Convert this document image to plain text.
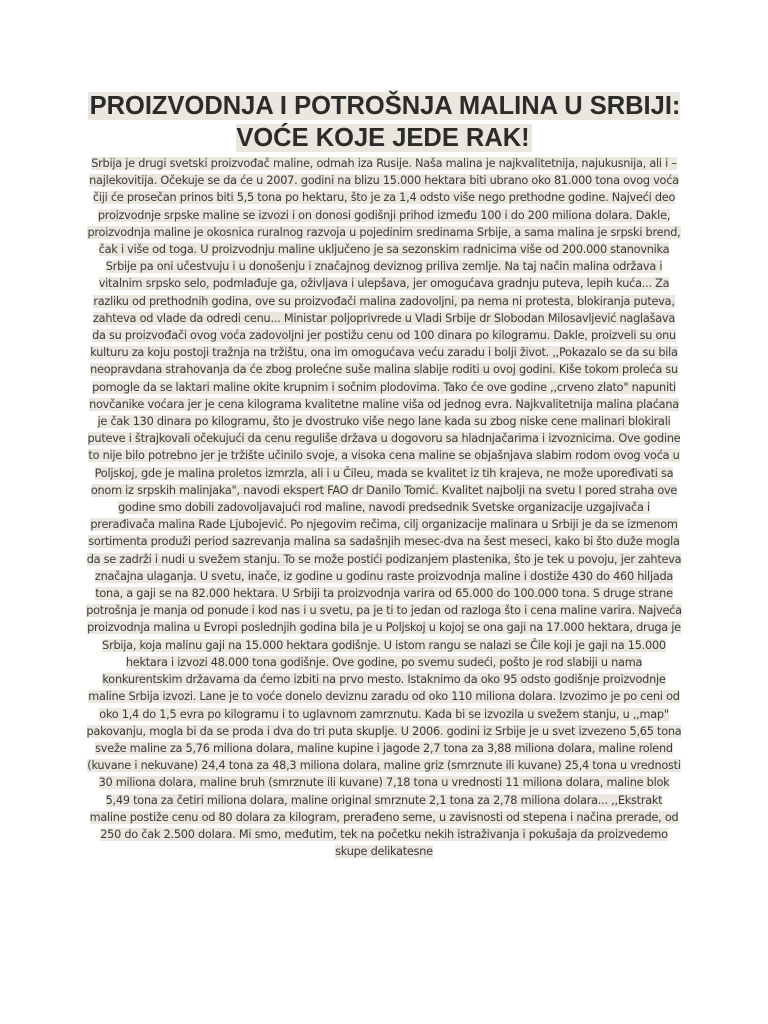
PROIZVODNJA I POTROŠNJA MALINA U SRBIJI: VOĆE KOJE JEDE RAK!

Srbija je drugi svetski proizvođač maline, odmah iza Rusije. Naša malina je najkvalitetnija, najukusnija, ali i – najlekovitija. Očekuje se da će u 2007. godini na blizu 15.000 hektara biti ubrano oko 81.000 tona ovog voća čiji će prosečan prinos biti 5,5 tona po hektaru, što je za 1,4 odsto više nego prethodne godine. Najveći deo proizvodnje srpske maline se izvozi i on donosi godišnji prihod između 100 i do 200 miliona dolara. Dakle, proizvodnja maline je okosnica ruralnog razvoja u pojedinim sredinama Srbije, a sama malina je srpski brend, čak i više od toga. U proizvodnju maline uključeno je sa sezonskim radnicima više od 200.000 stanovnika Srbije pa oni učestvuju i u donošenju i značajnog deviznog priliva zemlje. Na taj način malina održava i vitalnim srpsko selo, podmlađuje ga, oživljava i ulepšava, jer omogućava gradnju puteva, lepih kuća... Za razliku od prethodnih godina, ove su proizvođači malina zadovoljni, pa nema ni protesta, blokiranja puteva, zahteva od vlade da odredi cenu... Ministar poljoprivrede u Vladi Srbije dr Slobodan Milosavljević naglašava da su proizvođači ovog voća zadovoljni jer postižu cenu od 100 dinara po kilogramu. Dakle, proizveli su onu kulturu za koju postoji tražnja na tržištu, ona im omogućava veću zaradu i bolji život. ,,Pokazalo se da su bila neopravdana strahovanja da će zbog prolećne suše malina slabije roditi u ovoj godini. Kiše tokom proleća su pomogle da se laktari maline okite krupnim i sočnim plodovima. Tako će ove godine ,,crveno zlato" napuniti novčanike voćara jer je cena kilograma kvalitetne maline viša od jednog evra. Najkvalitetnija malina plaćana je čak 130 dinara po kilogramu, što je dvostruko više nego lane kada su zbog niske cene malinari blokirali puteve i štrajkovali očekujući da cenu reguliše država u dogovoru sa hladnjačarima i izvoznicima. Ove godine to nije bilo potrebno jer je tržište učinilo svoje, a visoka cena maline se objašnjava slabim rodom ovog voća u Poljskoj, gde je malina proletos izmrzla, ali i u Čileu, mada se kvalitet iz tih krajeva, ne može upoređivati sa onom iz srpskih malinjaka", navodi ekspert FAO dr Danilo Tomić. Kvalitet najbolji na svetu I pored straha ove godine smo dobili zadovoljavajući rod maline, navodi predsednik Svetske organizacije uzgajivača i prerađivača malina Rade Ljubojević. Po njegovim rečima, cilj organizacije malinara u Srbiji je da se izmenom sortimenta produži period sazrevanja malina sa sadašnjih mesec-dva na šest meseci, kako bi što duže mogla da se zadrži i nudi u svežem stanju. To se može postići podizanjem plastenika, što je tek u povoju, jer zahteva značajna ulaganja. U svetu, inače, iz godine u godinu raste proizvodnja maline i dostiže 430 do 460 hiljada tona, a gaji se na 82.000 hektara. U Srbiji ta proizvodnja varira od 65.000 do 100.000 tona. S druge strane potrošnja je manja od ponude i kod nas i u svetu, pa je ti to jedan od razloga što i cena maline varira. Najveća proizvodnja malina u Evropi poslednjih godina bila je u Poljskoj u kojoj se ona gaji na 17.000 hektara, druga je Srbija, koja malinu gaji na 15.000 hektara godišnje. U istom rangu se nalazi se Čile koji je gaji na 15.000 hektara i izvozi 48.000 tona godišnje. Ove godine, po svemu sudeći, pošto je rod slabiji u nama konkurentskim državama da ćemo izbiti na prvo mesto. Istaknimo da oko 95 odsto godišnje proizvodnje maline Srbija izvozi. Lane je to voće donelo deviznu zaradu od oko 110 miliona dolara. Izvozimo je po ceni od oko 1,4 do 1,5 evra po kilogramu i to uglavnom zamrznutu. Kada bi se izvozila u svežem stanju, u ,,map" pakovanju, mogla bi da se proda i dva do tri puta skuplje. U 2006. godini iz Srbije je u svet izvezeno 5,65 tona sveže maline za 5,76 miliona dolara, maline kupine i jagode 2,7 tona za 3,88 miliona dolara, maline rolend (kuvane i nekuvane) 24,4 tona za 48,3 miliona dolara, maline griz (smrznute ili kuvane) 25,4 tona u vrednosti 30 miliona dolara, maline bruh (smrznute ili kuvane) 7,18 tona u vrednosti 11 miliona dolara, maline blok 5,49 tona za četiri miliona dolara, maline original smrznute 2,1 tona za 2,78 miliona dolara... ,,Ekstrakt maline postiže cenu od 80 dolara za kilogram, prerađeno seme, u zavisnosti od stepena i načina prerade, od 250 do čak 2.500 dolara. Mi smo, međutim, tek na početku nekih istraživanja i pokušaja da proizvedemo skupe delikatesne
